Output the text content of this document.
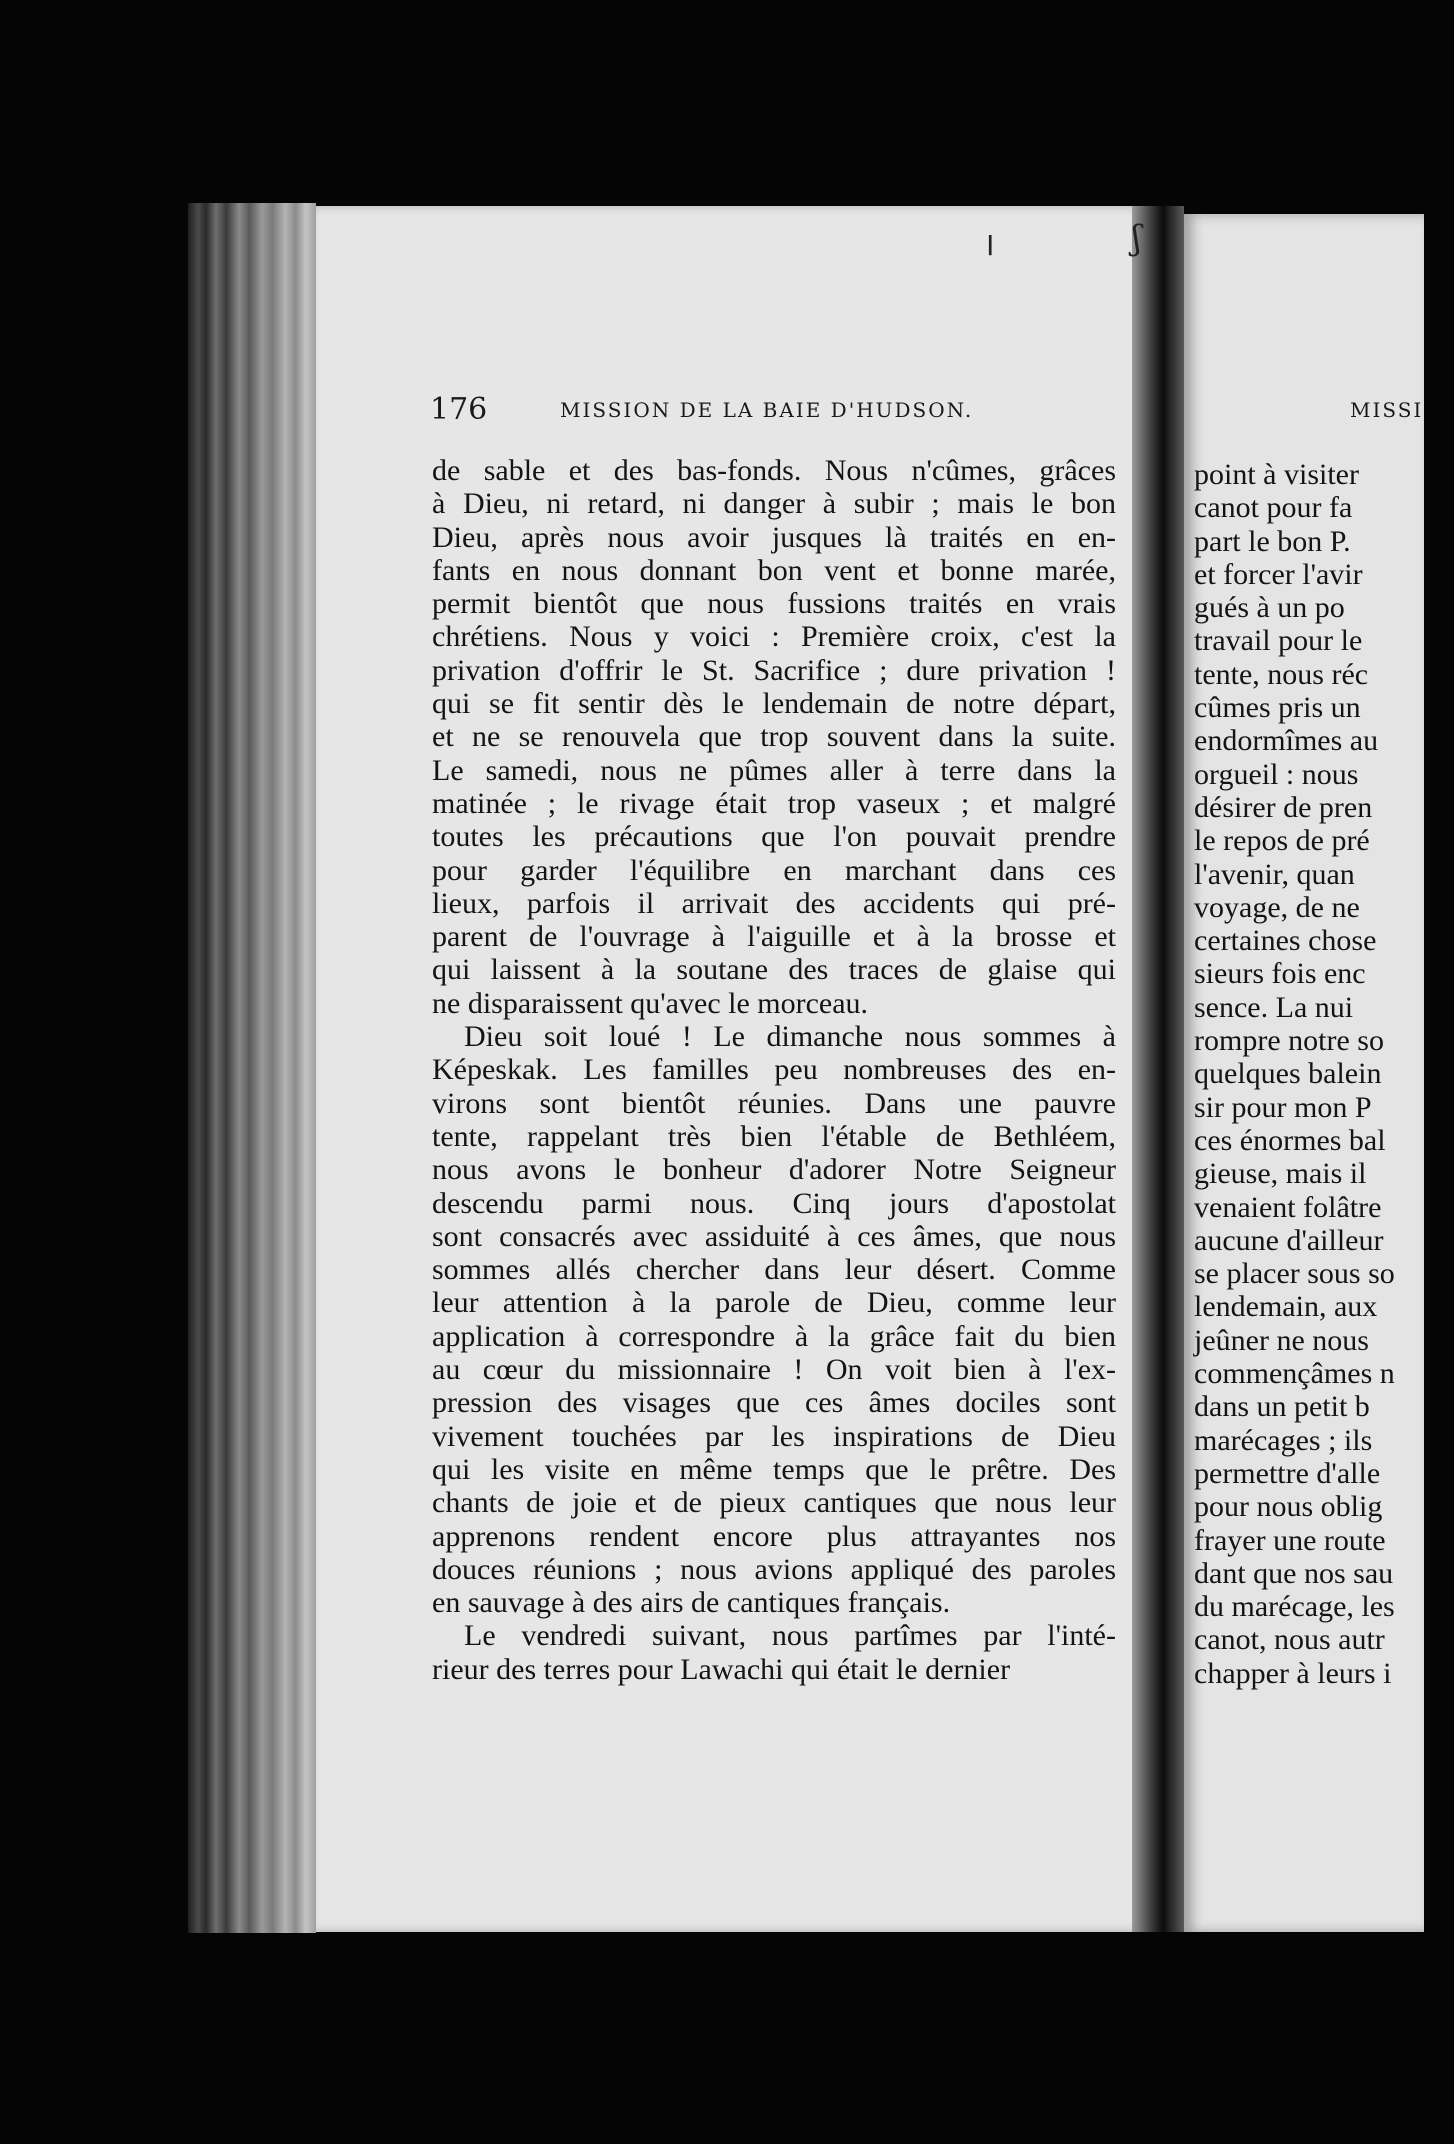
MISSI
point à visiter
canot pour fa
part le bon P.
et forcer l'avir
gués à un po
travail pour le
tente, nous réc
cûmes pris un
endormîmes au
orgueil : nous
désirer de pren
le repos de pré
l'avenir, quan
voyage, de ne
certaines chose
sieurs fois enc
sence. La nui
rompre notre so
quelques balein
sir pour mon P
ces énormes bal
gieuse, mais il
venaient folâtre
aucune d'ailleur
se placer sous so
lendemain, aux
jeûner ne nous
commençâmes n
dans un petit b
marécages ; ils
permettre d'alle
pour nous oblig
frayer une route
dant que nos sau
du marécage, les
canot, nous autr
chapper à leurs i
176	MISSION DE LA BAIE D'HUDSON.

de sable et des bas-fonds. Nous n'cûmes, grâces

à Dieu, ni retard, ni danger à subir ; mais le bon

Dieu, après nous avoir jusques là traités en en-

fants en nous donnant bon vent et bonne marée,

permit bientôt que nous fussions traités en vrais

chrétiens. Nous y voici : Première croix, c'est la

privation d'offrir le St. Sacrifice ; dure privation !

qui se fit sentir dès le lendemain de notre départ,

et ne se renouvela que trop souvent dans la suite.

Le samedi, nous ne pûmes aller à terre dans la

matinée ; le rivage était trop vaseux ; et malgré

toutes les précautions que l'on pouvait prendre

pour garder l'équilibre en marchant dans ces

lieux, parfois il arrivait des accidents qui pré-

parent de l'ouvrage à l'aiguille et à la brosse et

qui laissent à la soutane des traces de glaise qui

ne disparaissent qu'avec le morceau.

Dieu soit loué ! Le dimanche nous sommes à

Képeskak. Les familles peu nombreuses des en-

virons sont bientôt réunies. Dans une pauvre

tente, rappelant très bien l'étable de Bethléem,

nous avons le bonheur d'adorer Notre Seigneur

descendu parmi nous. Cinq jours d'apostolat

sont consacrés avec assiduité à ces âmes, que nous

sommes allés chercher dans leur désert. Comme

leur attention à la parole de Dieu, comme leur

application à correspondre à la grâce fait du bien

au cœur du missionnaire ! On voit bien à l'ex-

pression des visages que ces âmes dociles sont

vivement touchées par les inspirations de Dieu

qui les visite en même temps que le prêtre. Des

chants de joie et de pieux cantiques que nous leur

apprenons rendent encore plus attrayantes nos

douces réunions ; nous avions appliqué des paroles

en sauvage à des airs de cantiques français.

Le vendredi suivant, nous partîmes par l'inté-

rieur des terres pour Lawachi qui était le dernier

╵	ʃ
